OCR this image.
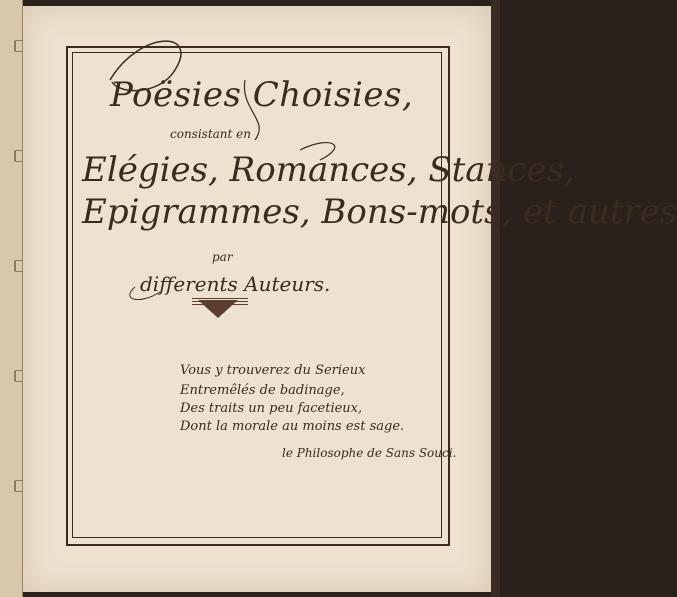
Poësies Choisies,
consistant en
Elégies, Romances, Stances,
Epigrammes, Bons-mots, et autres
par
differents Auteurs.
Vous y trouverez du Serieux
Entremêlés de badinage,
Des traits un peu facetieux,
Dont la morale au moins est sage.
le Philosophe de Sans Souci.
